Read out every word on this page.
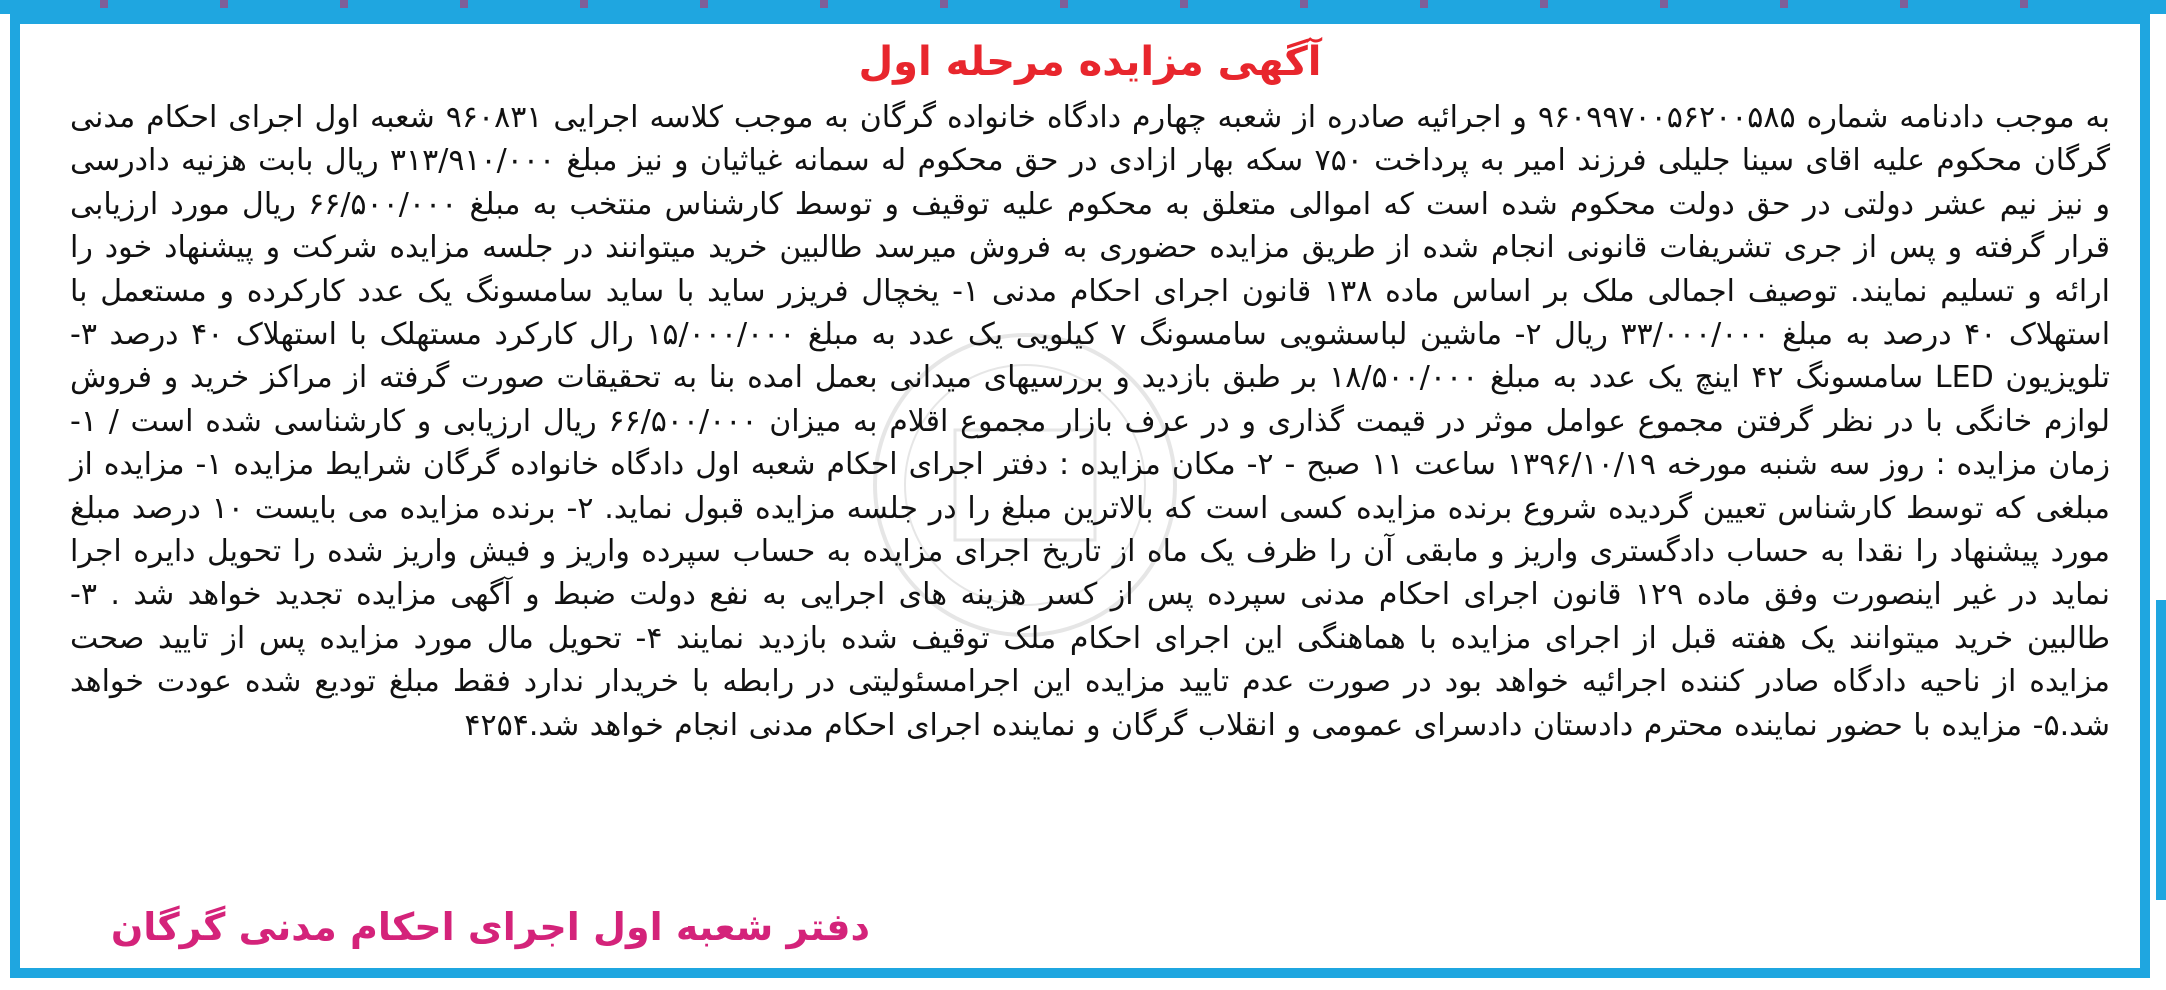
آگهی مزایده مرحله اول

به موجب دادنامه شماره ۹۶۰۹۹۷۰۰۵۶۲۰۰۵۸۵ و اجرائیه صادره از شعبه چهارم دادگاه خانواده گرگان به موجب کلاسه اجرایی ۹۶۰۸۳۱ شعبه اول اجرای احکام مدنی گرگان محکوم علیه اقای سینا جلیلی فرزند امیر به پرداخت ۷۵۰ سکه بهار ازادی در حق محکوم له سمانه غیاثیان و نیز مبلغ ۳۱۳/۹۱۰/۰۰۰ ریال بابت هزنیه دادرسی و نیز نیم عشر دولتی در حق دولت محکوم شده است که اموالی متعلق به محکوم علیه توقیف و توسط کارشناس منتخب به مبلغ ۶۶/۵۰۰/۰۰۰ ریال مورد ارزیابی قرار گرفته و پس از جری تشریفات قانونی انجام شده از طریق مزایده حضوری به فروش میرسد طالبین خرید میتوانند در جلسه مزایده شرکت و پیشنهاد خود را ارائه و تسلیم نمایند. توصیف اجمالی ملک بر اساس ماده ۱۳۸ قانون اجرای احکام مدنی ۱- یخچال فریزر ساید با ساید سامسونگ یک عدد کارکرده و مستعمل با استهلاک ۴۰ درصد به مبلغ ۳۳/۰۰۰/۰۰۰ ریال ۲- ماشین لباسشویی سامسونگ ۷ کیلویی یک عدد به مبلغ ۱۵/۰۰۰/۰۰۰ رال کارکرد مستهلک با استهلاک ۴۰ درصد ۳- تلویزیون LED سامسونگ ۴۲ اینچ یک عدد به مبلغ ۱۸/۵۰۰/۰۰۰ بر طبق بازدید و بررسیهای میدانی بعمل امده بنا به تحقیقات صورت گرفته از مراکز خرید و فروش لوازم خانگی با در نظر گرفتن مجموع عوامل موثر در قیمت گذاری و در عرف بازار مجموع اقلام به میزان ۶۶/۵۰۰/۰۰۰ ریال ارزیابی و کارشناسی شده است / ۱- زمان مزایده : روز سه شنبه مورخه ۱۳۹۶/۱۰/۱۹ ساعت ۱۱ صبح - ۲- مکان مزایده : دفتر اجرای احکام شعبه اول دادگاه خانواده گرگان شرایط مزایده ۱- مزایده از مبلغی که توسط کارشناس تعیین گردیده شروع برنده مزایده کسی است که بالاترین مبلغ را در جلسه مزایده قبول نماید. ۲- برنده مزایده می بایست ۱۰ درصد مبلغ مورد پیشنهاد را نقدا به حساب دادگستری واریز و مابقی آن را ظرف یک ماه از تاریخ اجرای مزایده به حساب سپرده واریز و فیش واریز شده را تحویل دایره اجرا نماید در غیر اینصورت وفق ماده ۱۲۹ قانون اجرای احکام مدنی سپرده پس از کسر هزینه های اجرایی به نفع دولت ضبط و آگهی مزایده تجدید خواهد شد . ۳- طالبین خرید میتوانند یک هفته قبل از اجرای مزایده با هماهنگی این اجرای احکام ملک توقیف شده بازدید نمایند ۴- تحویل مال مورد مزایده پس از تایید صحت مزایده از ناحیه دادگاه صادر کننده اجرائیه خواهد بود در صورت عدم تایید مزایده این اجرامسئولیتی در رابطه با خریدار ندارد فقط مبلغ تودیع شده عودت خواهد شد.۵- مزایده با حضور نماینده محترم دادستان دادسرای عمومی و انقلاب گرگان و نماینده اجرای احکام مدنی انجام خواهد شد.۴۲۵۴

دفتر شعبه اول اجرای احکام مدنی گرگان
